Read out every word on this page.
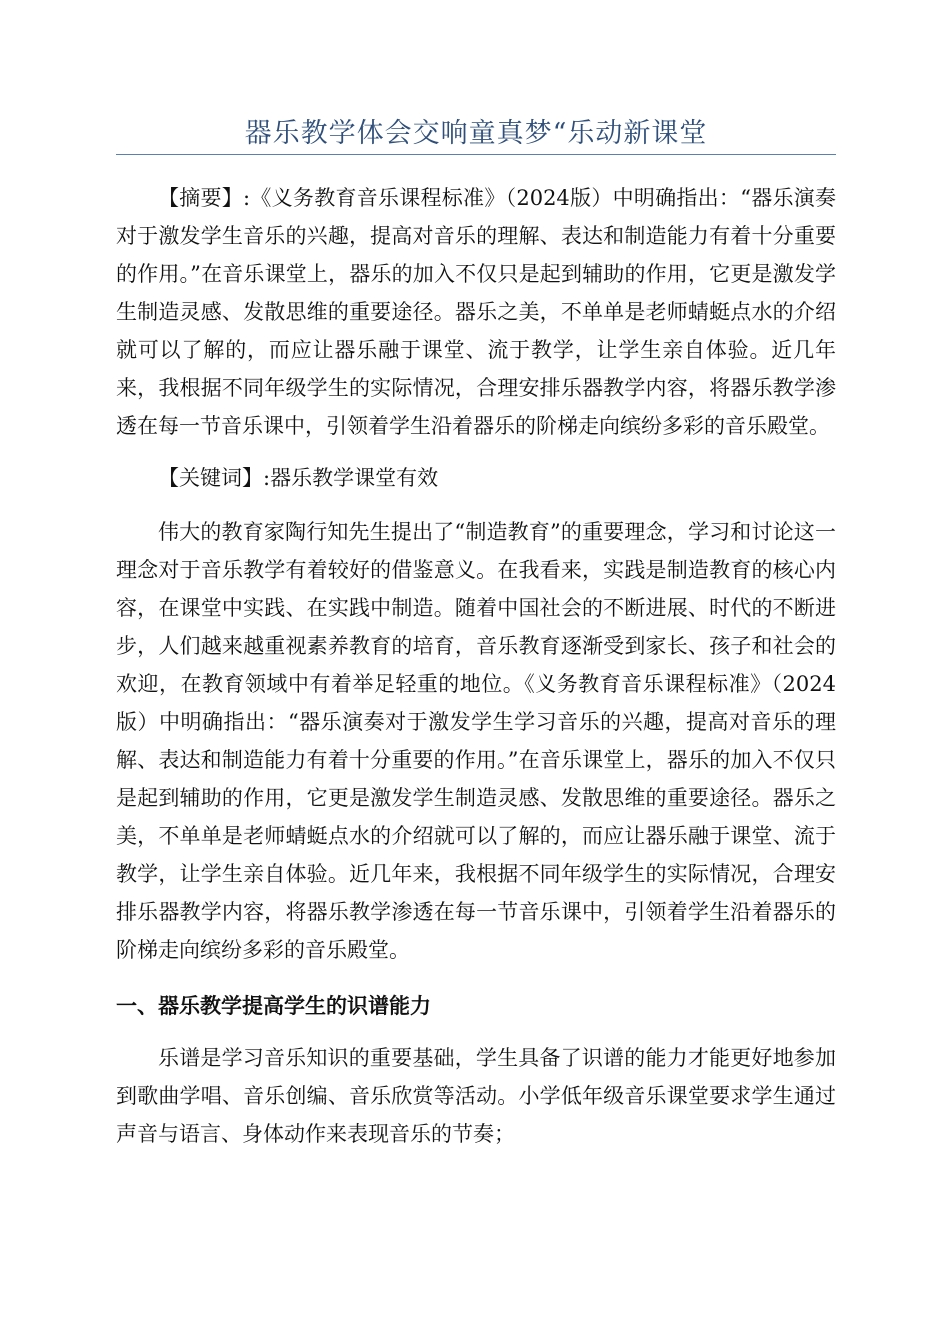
器乐教学体会交响童真梦“乐动新课堂

【摘要】:《义务教育音乐课程标准》（2024版）中明确指出：“器乐演奏对于激发学生音乐的兴趣，提高对音乐的理解、表达和制造能力有着十分重要的作用。”在音乐课堂上，器乐的加入不仅只是起到辅助的作用，它更是激发学生制造灵感、发散思维的重要途径。器乐之美，不单单是老师蜻蜓点水的介绍就可以了解的，而应让器乐融于课堂、流于教学，让学生亲自体验。近几年来，我根据不同年级学生的实际情况，合理安排乐器教学内容，将器乐教学渗透在每一节音乐课中，引领着学生沿着器乐的阶梯走向缤纷多彩的音乐殿堂。

【关键词】:器乐教学课堂有效

伟大的教育家陶行知先生提出了“制造教育”的重要理念，学习和讨论这一理念对于音乐教学有着较好的借鉴意义。在我看来，实践是制造教育的核心内容，在课堂中实践、在实践中制造。随着中国社会的不断进展、时代的不断进步，人们越来越重视素养教育的培育，音乐教育逐渐受到家长、孩子和社会的欢迎，在教育领域中有着举足轻重的地位。《义务教育音乐课程标准》（2024版）中明确指出：“器乐演奏对于激发学生学习音乐的兴趣，提高对音乐的理解、表达和制造能力有着十分重要的作用。”在音乐课堂上，器乐的加入不仅只是起到辅助的作用，它更是激发学生制造灵感、发散思维的重要途径。器乐之美，不单单是老师蜻蜓点水的介绍就可以了解的，而应让器乐融于课堂、流于教学，让学生亲自体验。近几年来，我根据不同年级学生的实际情况，合理安排乐器教学内容，将器乐教学渗透在每一节音乐课中，引领着学生沿着器乐的阶梯走向缤纷多彩的音乐殿堂。

一、器乐教学提高学生的识谱能力

乐谱是学习音乐知识的重要基础，学生具备了识谱的能力才能更好地参加到歌曲学唱、音乐创编、音乐欣赏等活动。小学低年级音乐课堂要求学生通过声音与语言、身体动作来表现音乐的节奏；
